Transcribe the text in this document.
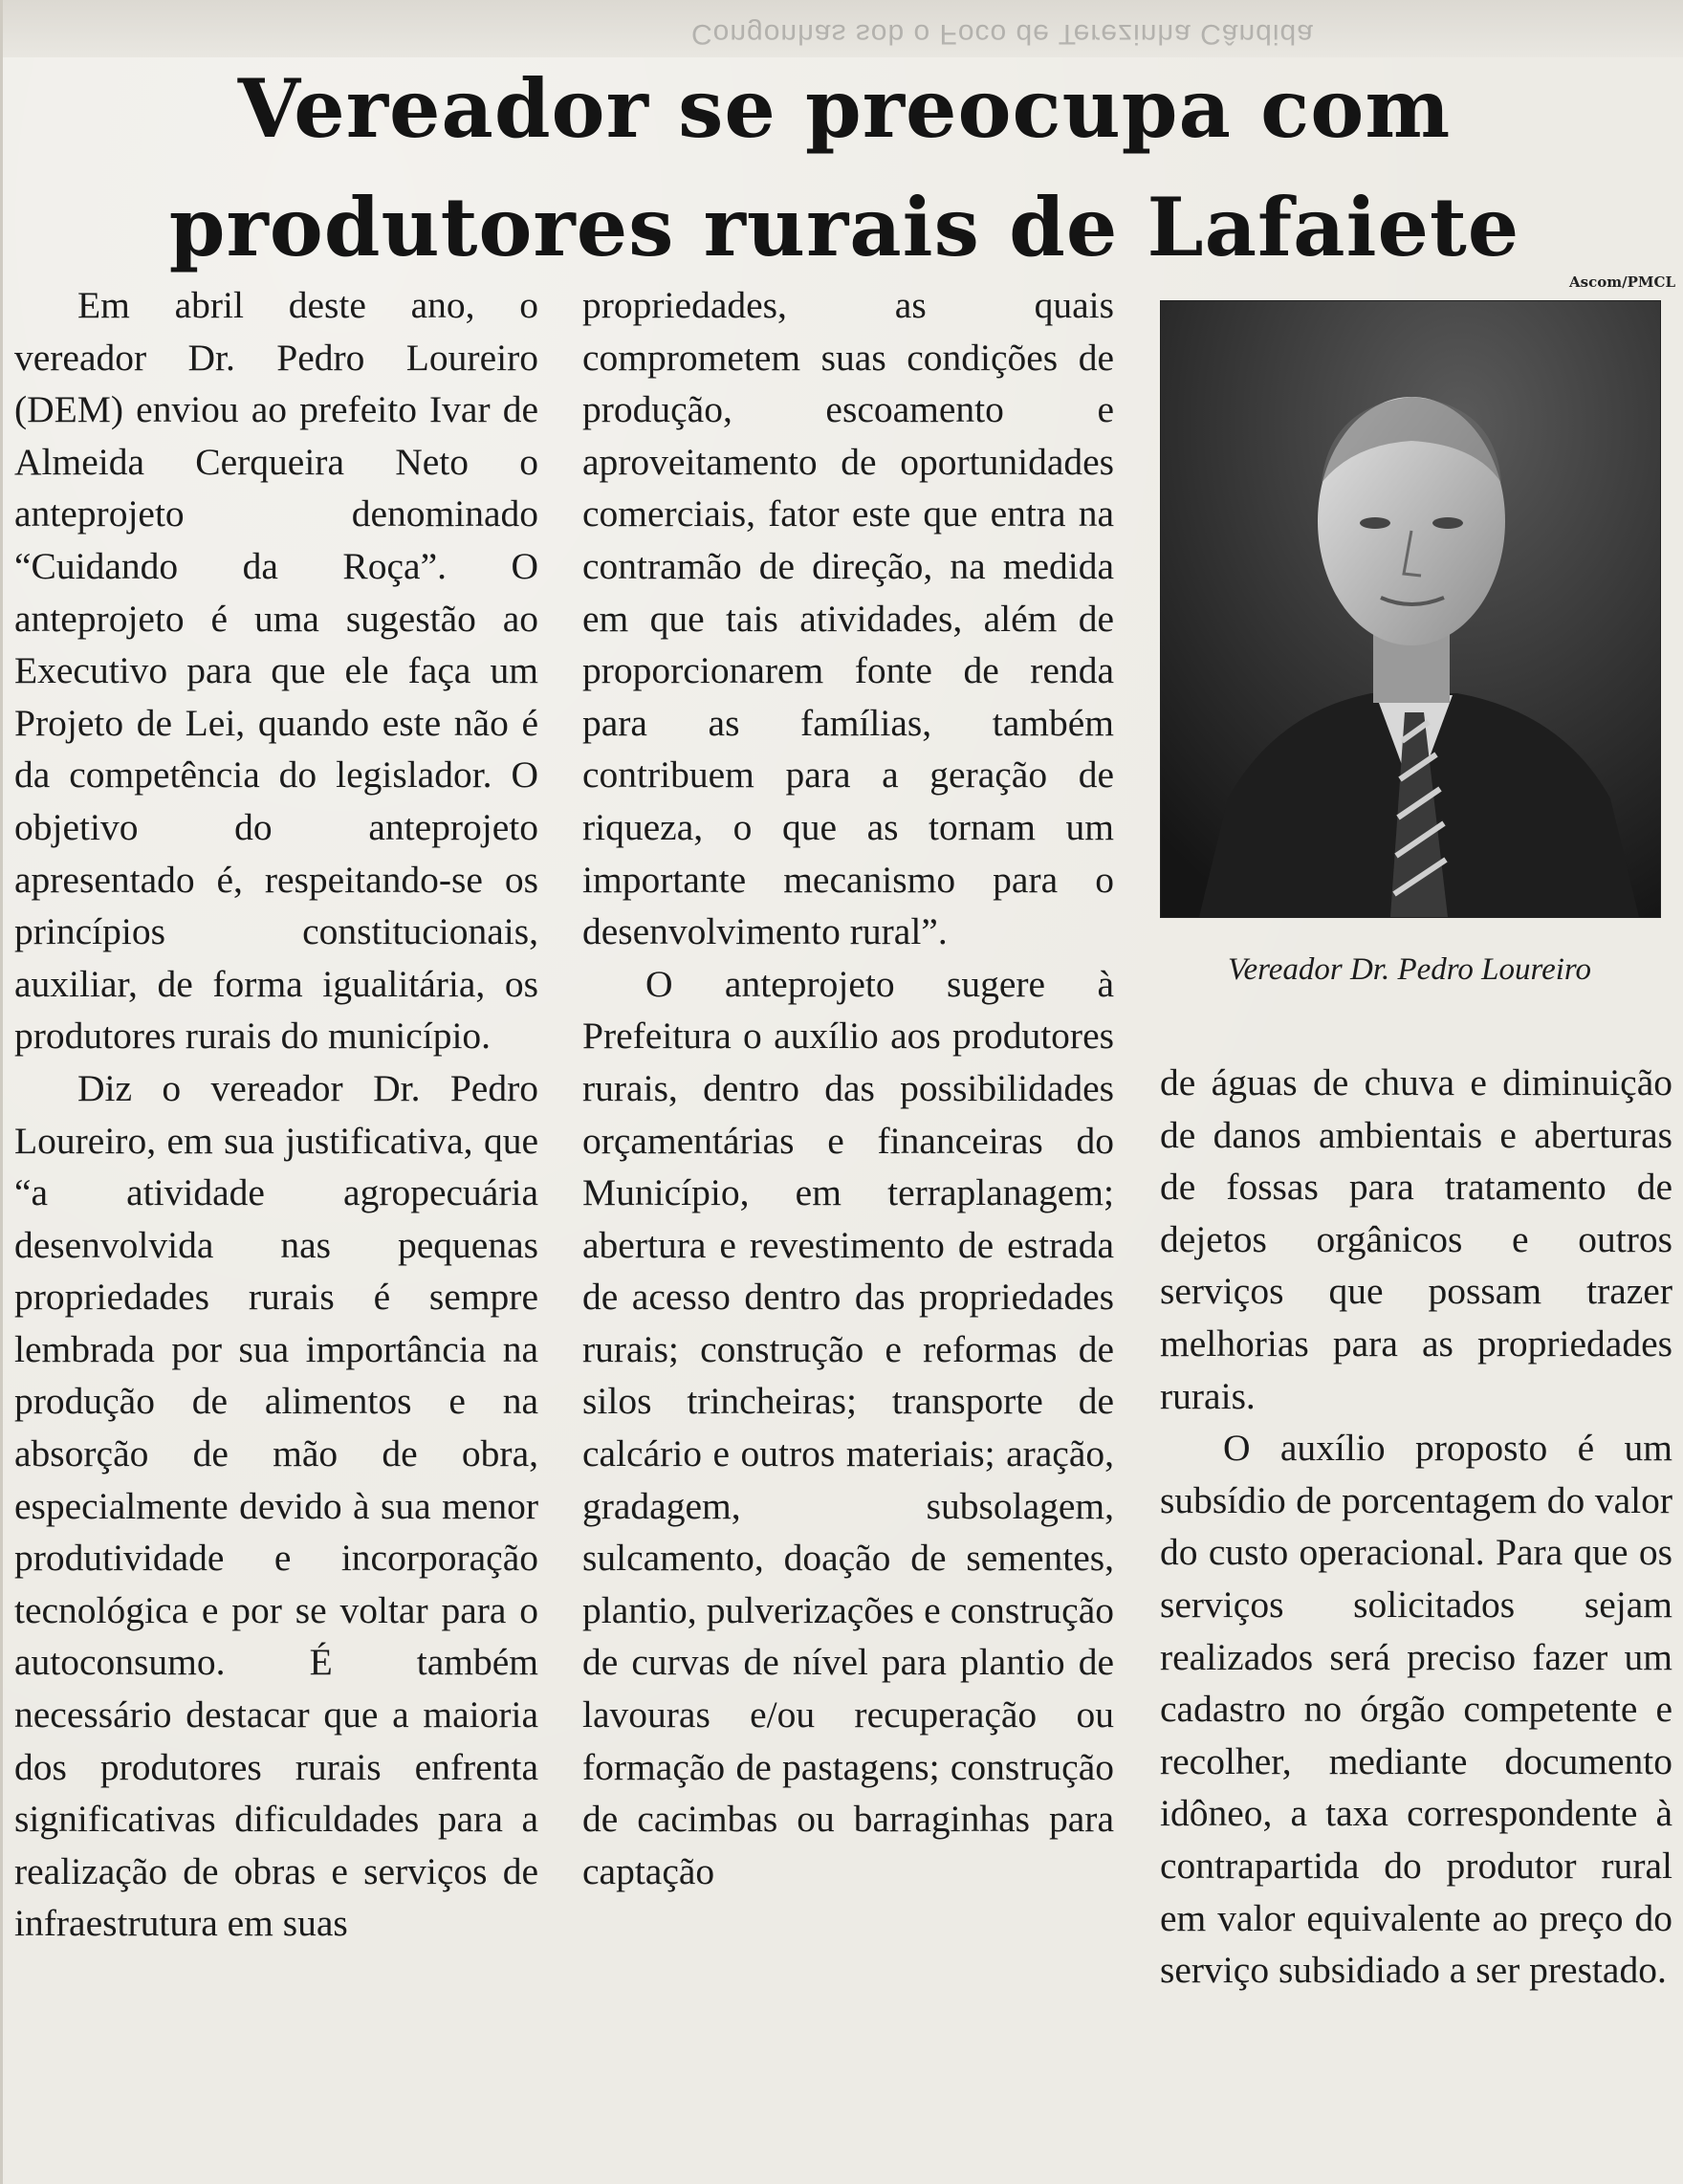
Congonhas sob o Foco de Terezinha Cândida
Vereador se preocupa com
produtores rurais de Lafaiete
Ascom/PMCL

Em abril deste ano, o vereador Dr. Pedro Loureiro (DEM) enviou ao prefeito Ivar de Almeida Cerqueira Neto o anteprojeto denominado “Cuidando da Roça”. O anteprojeto é uma sugestão ao Executivo para que ele faça um Projeto de Lei, quando este não é da competência do legislador. O objetivo do anteprojeto apresentado é, respeitando-se os princípios constitucionais, auxiliar, de forma igualitária, os produtores rurais do município.

Diz o vereador Dr. Pedro Loureiro, em sua justificativa, que “a atividade agropecuária desenvolvida nas pequenas propriedades rurais é sempre lembrada por sua importância na produção de alimentos e na absorção de mão de obra, especialmente devido à sua menor produtividade e incorporação tecnológica e por se voltar para o autoconsumo. É também necessário destacar que a maioria dos produtores rurais enfrenta significativas dificuldades para a realização de obras e serviços de infraestrutura em suas

propriedades, as quais comprometem suas condições de produção, escoamento e aproveitamento de oportunidades comerciais, fator este que entra na contramão de direção, na medida em que tais atividades, além de proporcionarem fonte de renda para as famílias, também contribuem para a geração de riqueza, o que as tornam um importante mecanismo para o desenvolvimento rural”.

O anteprojeto sugere à Prefeitura o auxílio aos produtores rurais, dentro das possibilidades orçamentárias e financeiras do Município, em terraplanagem; abertura e revestimento de estrada de acesso dentro das propriedades rurais; construção e reformas de silos trincheiras; transporte de calcário e outros materiais; aração, gradagem, subsolagem, sulcamento, doação de sementes, plantio, pulverizações e construção de curvas de nível para plantio de lavouras e/ou recuperação ou formação de pastagens; construção de cacimbas ou barraginhas para captação

Vereador Dr. Pedro Loureiro

de águas de chuva e diminuição de danos ambientais e aberturas de fossas para tratamento de dejetos orgânicos e outros serviços que possam trazer melhorias para as propriedades rurais.

O auxílio proposto é um subsídio de porcentagem do valor do custo operacional. Para que os serviços solicitados sejam realizados será preciso fazer um cadastro no órgão competente e recolher, mediante documento idôneo, a taxa correspondente à contrapartida do produtor rural em valor equivalente ao preço do serviço subsidiado a ser prestado.
